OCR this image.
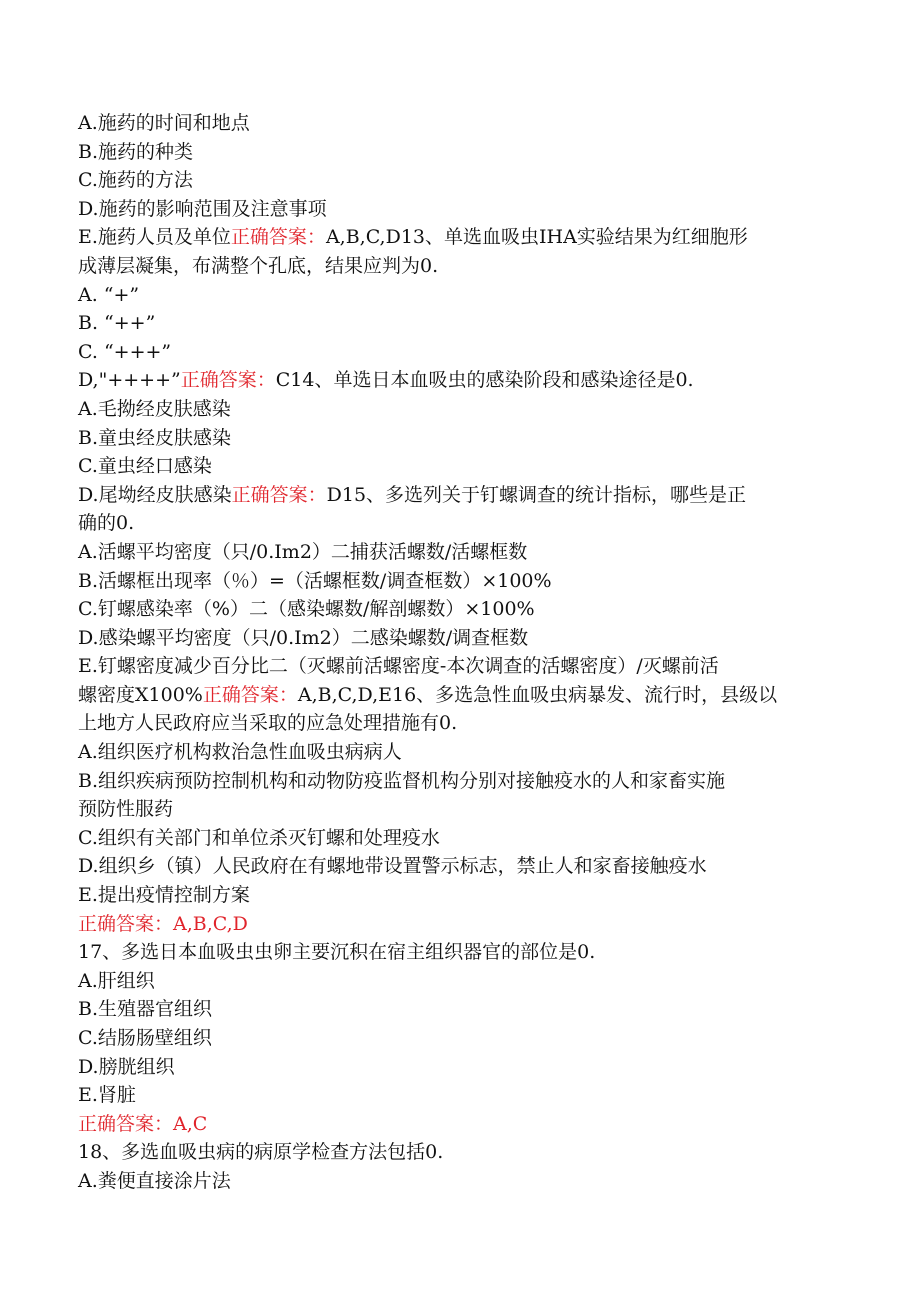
A.施药的时间和地点
B.施药的种类
C.施药的方法
D.施药的影响范围及注意事项
E.施药人员及单位正确答案：A,B,C,D13、单选血吸虫IHA实验结果为红细胞形
成薄层凝集，布满整个孔底，结果应判为0.
A. “+”
B. “++”
C. “+++”
D,"++++”正确答案：C14、单选日本血吸虫的感染阶段和感染途径是0.
A.毛拗经皮肤感染
B.童虫经皮肤感染
C.童虫经口感染
D.尾坳经皮肤感染正确答案：D15、多选列关于钉螺调查的统计指标，哪些是正
确的0.
A.活螺平均密度（只/0.Im2）二捕获活螺数/活螺框数
B.活螺框出现率（％）=（活螺框数/调查框数）×100%
C.钉螺感染率（%）二（感染螺数/解剖螺数）×100%
D.感染螺平均密度（只/0.Im2）二感染螺数/调查框数
E.钉螺密度减少百分比二（灭螺前活螺密度-本次调查的活螺密度）/灭螺前活
螺密度X100%正确答案：A,B,C,D,E16、多选急性血吸虫病暴发、流行时，县级以
上地方人民政府应当采取的应急处理措施有0.
A.组织医疗机构救治急性血吸虫病病人
B.组织疾病预防控制机构和动物防疫监督机构分别对接触疫水的人和家畜实施
预防性服药
C.组织有关部门和单位杀灭钉螺和处理疫水
D.组织乡（镇）人民政府在有螺地带设置警示标志，禁止人和家畜接触疫水
E.提出疫情控制方案
正确答案：A,B,C,D
17、多选日本血吸虫虫卵主要沉积在宿主组织器官的部位是0.
A.肝组织
B.生殖器官组织
C.结肠肠壁组织
D.膀胱组织
E.肾脏
正确答案：A,C
18、多选血吸虫病的病原学检查方法包括0.
A.粪便直接涂片法
